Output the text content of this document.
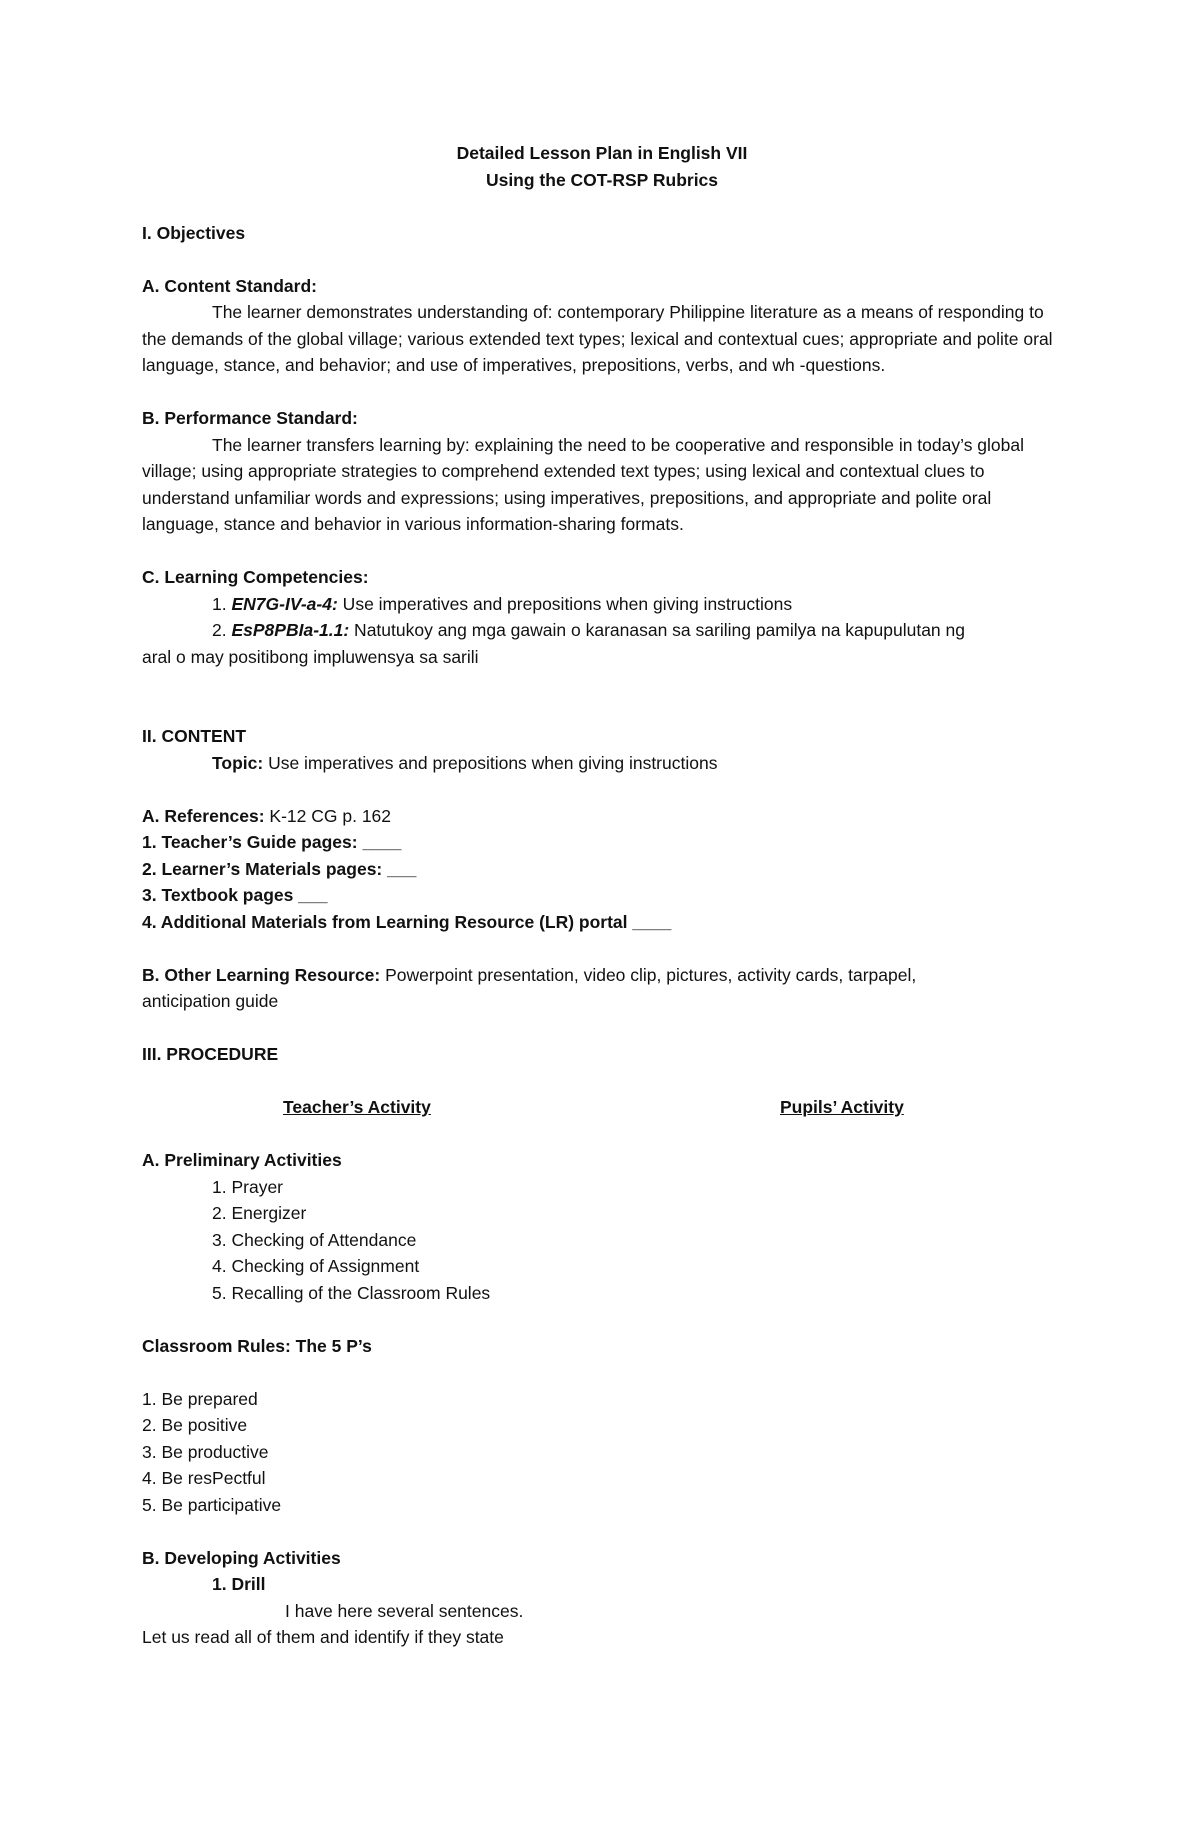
Detailed Lesson Plan in English VII
Using the COT-RSP Rubrics
I. Objectives
A. Content Standard:

The learner demonstrates understanding of: contemporary Philippine literature as a means of responding to the demands of the global village; various extended text types; lexical and contextual cues; appropriate and polite oral language, stance, and behavior; and use of imperatives, prepositions, verbs, and wh -questions.

B. Performance Standard:

The learner transfers learning by: explaining the need to be cooperative and responsible in today’s global village; using appropriate strategies to comprehend extended text types; using lexical and contextual clues to understand unfamiliar words and expressions; using imperatives, prepositions, and appropriate and polite oral language, stance and behavior in various information-sharing formats.

C. Learning Competencies:
1. EN7G-IV-a-4: Use imperatives and prepositions when giving instructions
2. EsP8PBIa-1.1: Natutukoy ang mga gawain o karanasan sa sariling pamilya na kapupulutan ng
aral o may positibong impluwensya sa sarili
II. CONTENT
Topic: Use imperatives and prepositions when giving instructions
A. References: K-12 CG p. 162
1. Teacher’s Guide pages: ____
2. Learner’s Materials pages: ___
3. Textbook pages ___
4. Additional Materials from Learning Resource (LR) portal ____
B. Other Learning Resource: Powerpoint presentation, video clip, pictures, activity cards, tarpapel,
anticipation guide
III. PROCEDURE
Teacher’s Activity	Pupils’ Activity
A. Preliminary Activities
1. Prayer
2. Energizer
3. Checking of Attendance
4. Checking of Assignment
5. Recalling of the Classroom Rules
Classroom Rules: The 5 P’s
1. Be prepared
2. Be positive
3. Be productive
4. Be resPectful
5. Be participative
B. Developing Activities
1. Drill
I have here several sentences.
Let us read all of them and identify if they state
